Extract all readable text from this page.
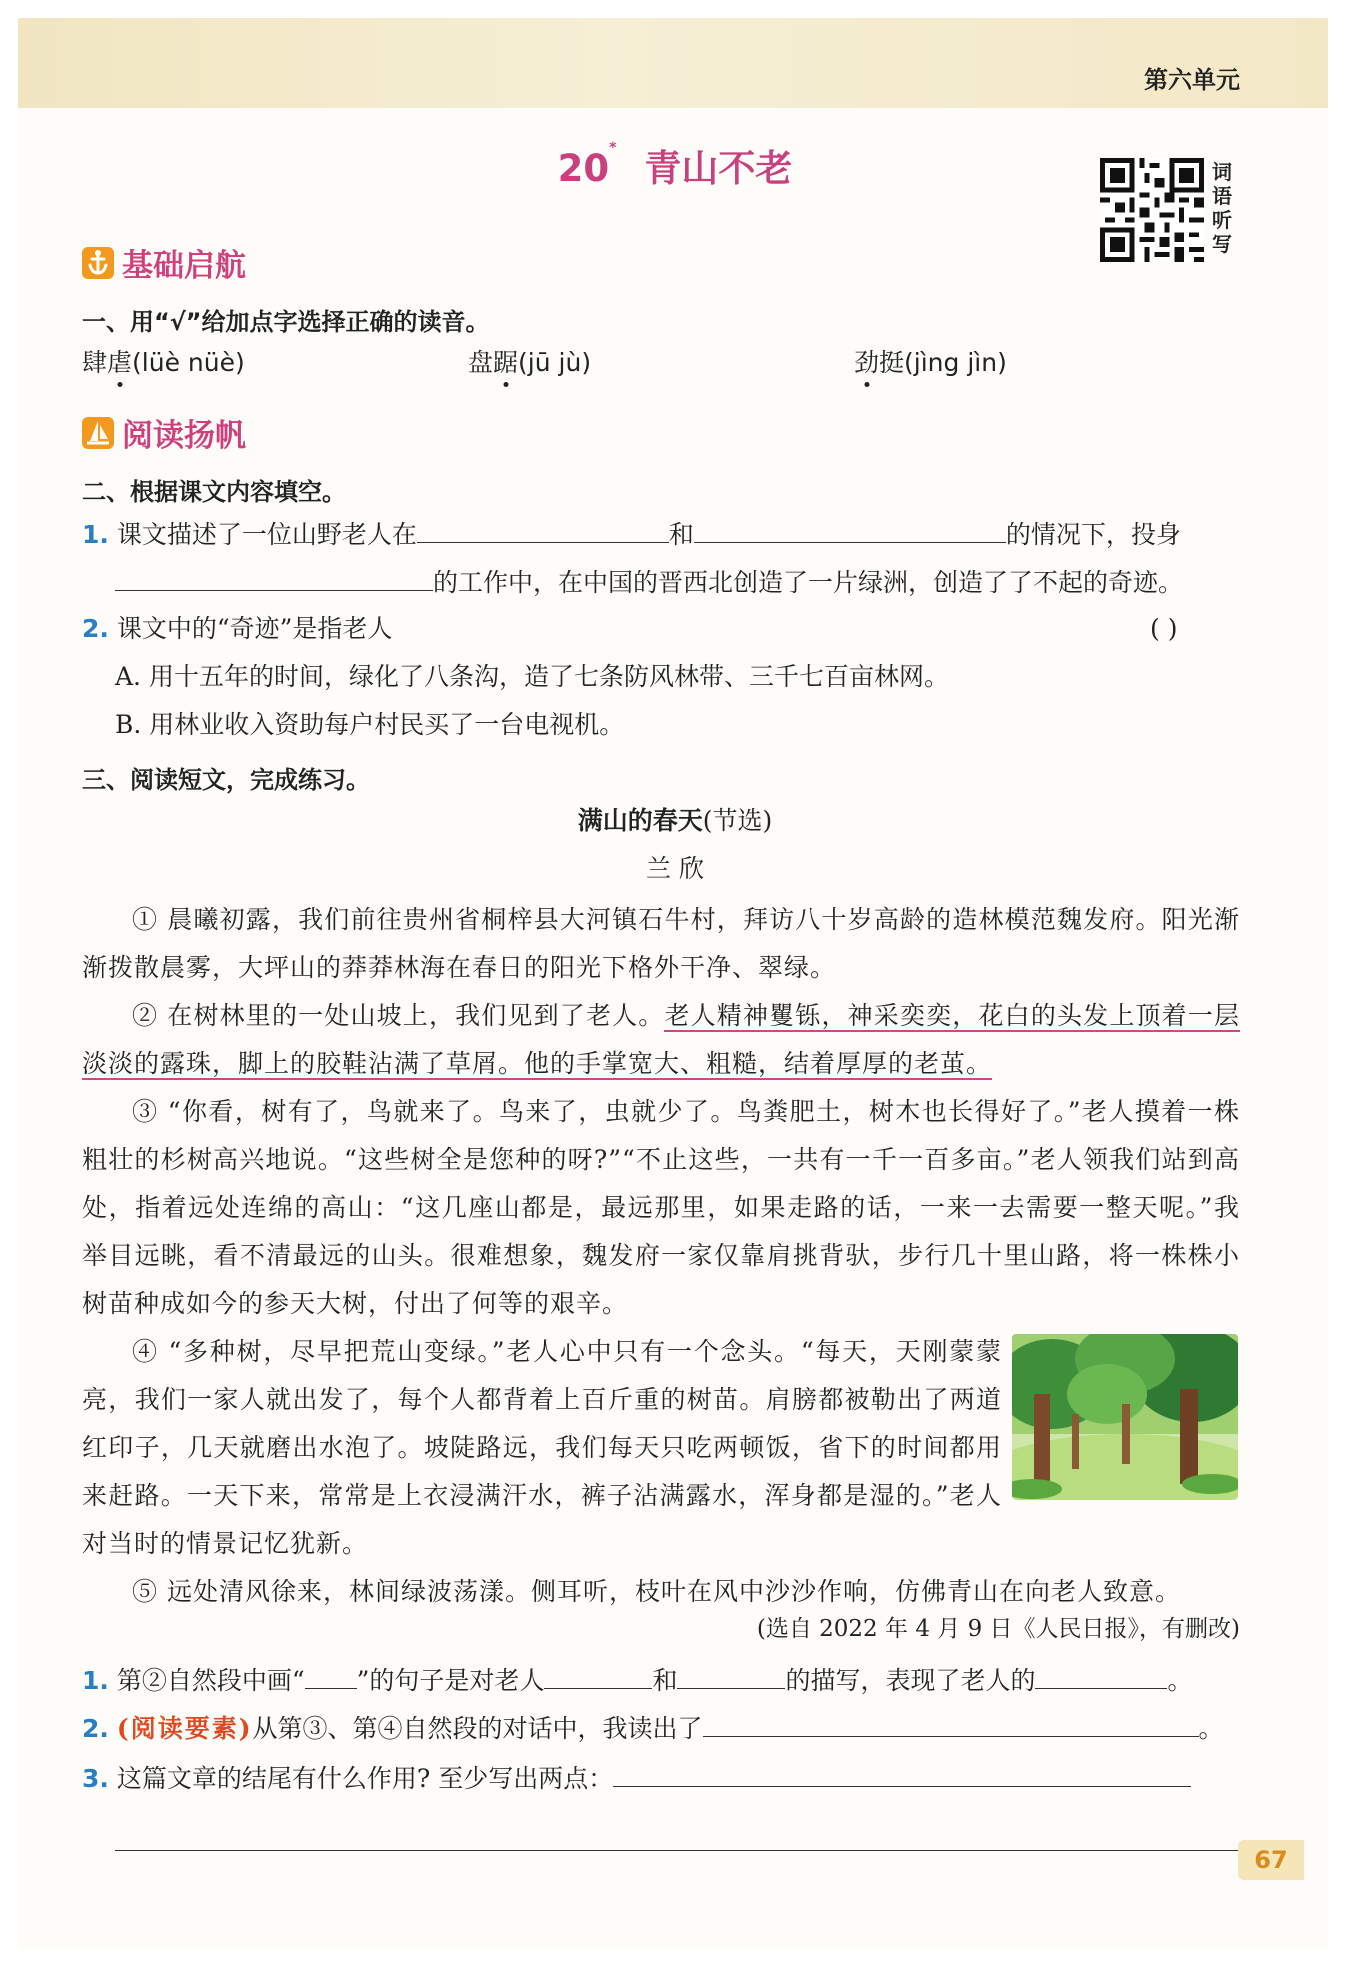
第六单元
20* 青山不老	词
语
听
写
基础启航
一、用“√”给加点字选择正确的读音。
肆虐(lüè nüè)	盘踞(jū jù)	劲挺(jìng jìn)
阅读扬帆
二、根据课文内容填空。
1. 课文描述了一位山野老人在	和	的情况下，投身
的工作中，在中国的晋西北创造了一片绿洲，创造了了不起的奇迹。
2. 课文中的“奇迹”是指老人	( )
A. 用十五年的时间，绿化了八条沟，造了七条防风林带、三千七百亩林网。
B. 用林业收入资助每户村民买了一台电视机。
三、阅读短文，完成练习。
满山的春天(节选)
兰 欣
① 晨曦初露，我们前往贵州省桐梓县大河镇石牛村，拜访八十岁高龄的造林模范魏发府。阳光渐渐拨散晨雾，大坪山的莽莽林海在春日的阳光下格外干净、翠绿。
② 在树林里的一处山坡上，我们见到了老人。老人精神矍铄，神采奕奕，花白的头发上顶着一层淡淡的露珠，脚上的胶鞋沾满了草屑。他的手掌宽大、粗糙，结着厚厚的老茧。
③ “你看，树有了，鸟就来了。鸟来了，虫就少了。鸟粪肥土，树木也长得好了。”老人摸着一株粗壮的杉树高兴地说。“这些树全是您种的呀?”“不止这些，一共有一千一百多亩。”老人领我们站到高处，指着远处连绵的高山：“这几座山都是，最远那里，如果走路的话，一来一去需要一整天呢。”我举目远眺，看不清最远的山头。很难想象，魏发府一家仅靠肩挑背驮，步行几十里山路，将一株株小树苗种成如今的参天大树，付出了何等的艰辛。
④ “多种树，尽早把荒山变绿。”老人心中只有一个念头。“每天，天刚蒙蒙亮，我们一家人就出发了，每个人都背着上百斤重的树苗。肩膀都被勒出了两道红印子，几天就磨出水泡了。坡陡路远，我们每天只吃两顿饭，省下的时间都用来赶路。一天下来，常常是上衣浸满汗水，裤子沾满露水，浑身都是湿的。”老人对当时的情景记忆犹新。
⑤ 远处清风徐来，林间绿波荡漾。侧耳听，枝叶在风中沙沙作响，仿佛青山在向老人致意。
(选自 2022 年 4 月 9 日《人民日报》，有删改)
1. 第②自然段中画“ ”的句子是对老人	和	的描写，表现了老人的	。
2. (阅读要素)从第③、第④自然段的对话中，我读出了	。
3. 这篇文章的结尾有什么作用? 至少写出两点：
67
